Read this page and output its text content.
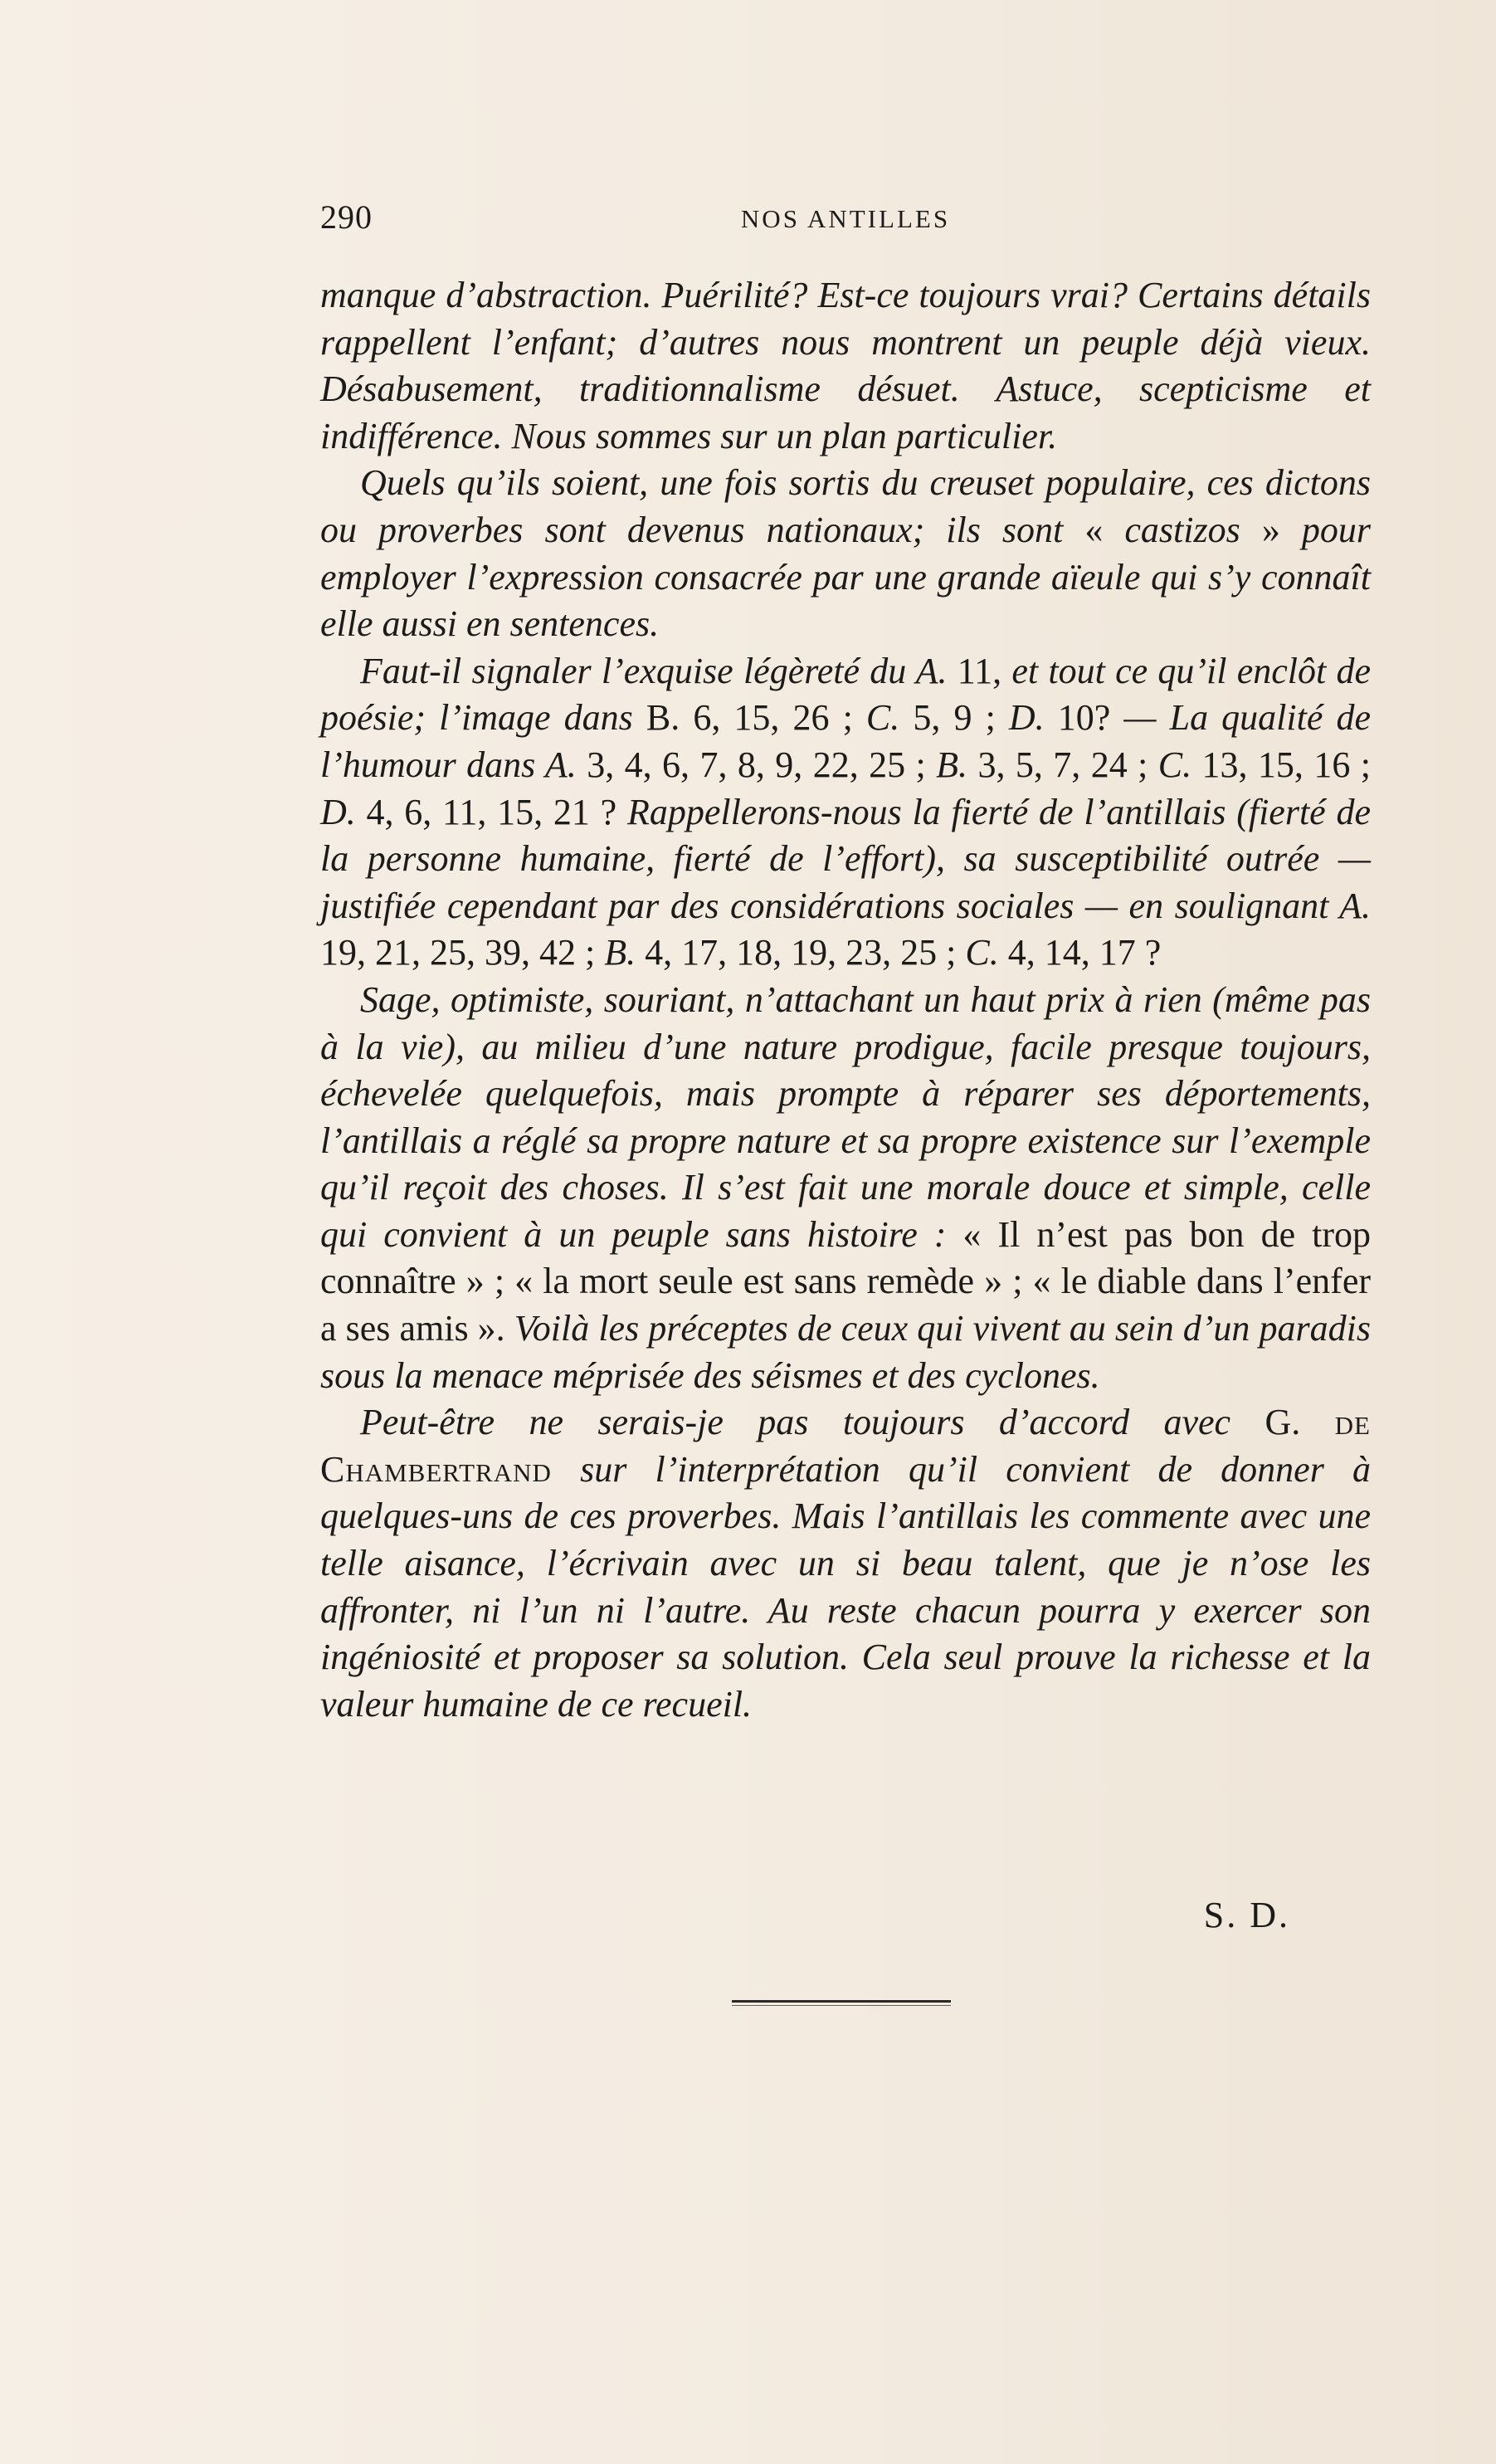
290	NOS ANTILLES

manque d’abstraction. Puérilité? Est-ce toujours vrai? Certains détails rappellent l’enfant; d’autres nous montrent un peuple déjà vieux. Désabusement, traditionnalisme désuet. Astuce, scepticisme et indifférence. Nous sommes sur un plan particulier.

Quels qu’ils soient, une fois sortis du creuset populaire, ces dictons ou proverbes sont devenus nationaux; ils sont « castizos » pour employer l’expression consacrée par une grande aïeule qui s’y connaît elle aussi en sentences.

Faut-il signaler l’exquise légèreté du A. 11, et tout ce qu’il enclôt de poésie; l’image dans B. 6, 15, 26 ; C. 5, 9 ; D. 10? — La qualité de l’humour dans A. 3, 4, 6, 7, 8, 9, 22, 25 ; B. 3, 5, 7, 24 ; C. 13, 15, 16 ; D. 4, 6, 11, 15, 21 ? Rappellerons-nous la fierté de l’antillais (fierté de la personne humaine, fierté de l’effort), sa susceptibilité outrée — justifiée cependant par des considérations sociales — en soulignant A. 19, 21, 25, 39, 42 ; B. 4, 17, 18, 19, 23, 25 ; C. 4, 14, 17 ?

Sage, optimiste, souriant, n’attachant un haut prix à rien (même pas à la vie), au milieu d’une nature prodigue, facile presque toujours, échevelée quelquefois, mais prompte à réparer ses déportements, l’antillais a réglé sa propre nature et sa propre existence sur l’exemple qu’il reçoit des choses. Il s’est fait une morale douce et simple, celle qui convient à un peuple sans histoire : « Il n’est pas bon de trop connaître » ; « la mort seule est sans remède » ; « le diable dans l’enfer a ses amis ». Voilà les préceptes de ceux qui vivent au sein d’un paradis sous la menace méprisée des séismes et des cyclones.

Peut-être ne serais-je pas toujours d’accord avec G. de Chambertrand sur l’interprétation qu’il convient de donner à quelques-uns de ces proverbes. Mais l’antillais les commente avec une telle aisance, l’écrivain avec un si beau talent, que je n’ose les affronter, ni l’un ni l’autre. Au reste chacun pourra y exercer son ingéniosité et proposer sa solution. Cela seul prouve la richesse et la valeur humaine de ce recueil.

S. D.
